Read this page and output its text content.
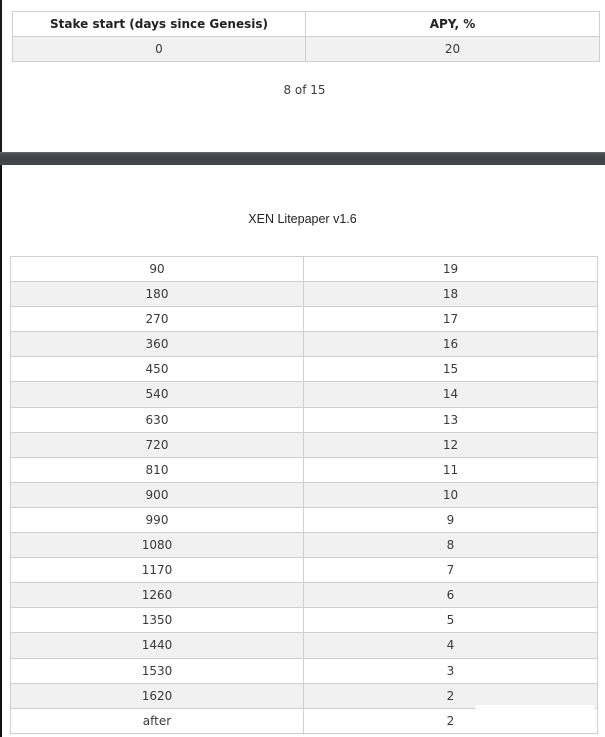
Stake start (days since Genesis)	APY, %
0	20
8 of 15
XEN Litepaper v1.6
90	19
180	18
270	17
360	16
450	15
540	14
630	13
720	12
810	11
900	10
990	9
1080	8
1170	7
1260	6
1350	5
1440	4
1530	3
1620	2
after	2
